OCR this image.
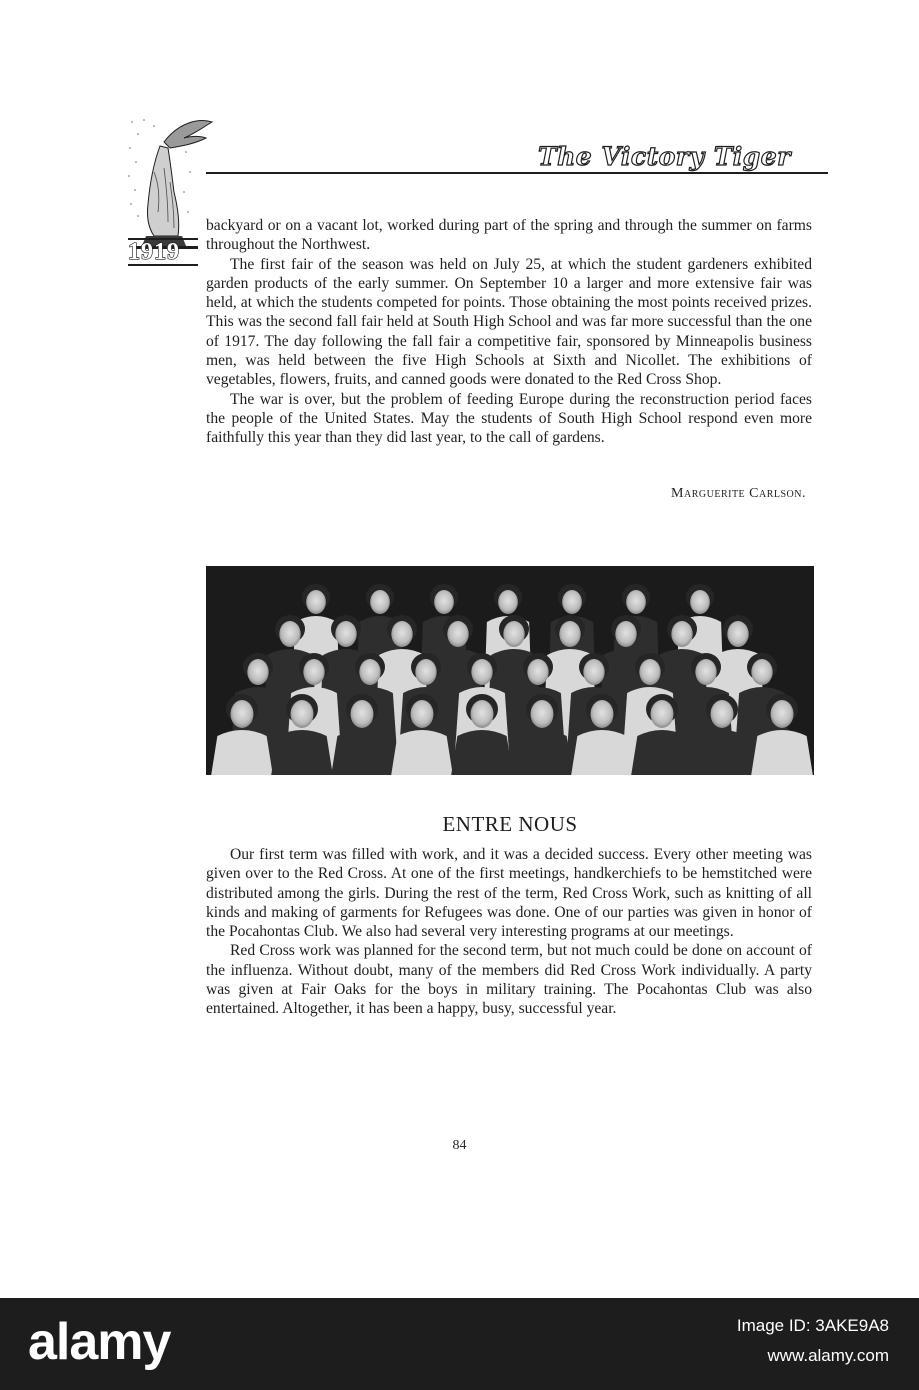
1919
The Victory Tiger

backyard or on a vacant lot, worked during part of the spring and through the summer on farms throughout the Northwest.

The first fair of the season was held on July 25, at which the student gardeners exhibited garden products of the early summer. On September 10 a larger and more extensive fair was held, at which the students competed for points. Those obtaining the most points received prizes. This was the second fall fair held at South High School and was far more successful than the one of 1917. The day following the fall fair a competitive fair, sponsored by Minneapolis business men, was held between the five High Schools at Sixth and Nicollet. The exhibitions of vegetables, flowers, fruits, and canned goods were donated to the Red Cross Shop.

The war is over, but the problem of feeding Europe during the reconstruction period faces the people of the United States. May the students of South High School respond even more faithfully this year than they did last year, to the call of gardens.

Marguerite Carlson.
ENTRE NOUS

Our first term was filled with work, and it was a decided success. Every other meeting was given over to the Red Cross. At one of the first meetings, handkerchiefs to be hemstitched were distributed among the girls. During the rest of the term, Red Cross Work, such as knitting of all kinds and making of garments for Refugees was done. One of our parties was given in honor of the Pocahontas Club. We also had several very interesting programs at our meetings.

Red Cross work was planned for the second term, but not much could be done on account of the influenza. Without doubt, many of the members did Red Cross Work individually. A party was given at Fair Oaks for the boys in military training. The Pocahontas Club was also entertained. Altogether, it has been a happy, busy, successful year.

84
alamy	Image ID: 3AKE9A8
www.alamy.com
